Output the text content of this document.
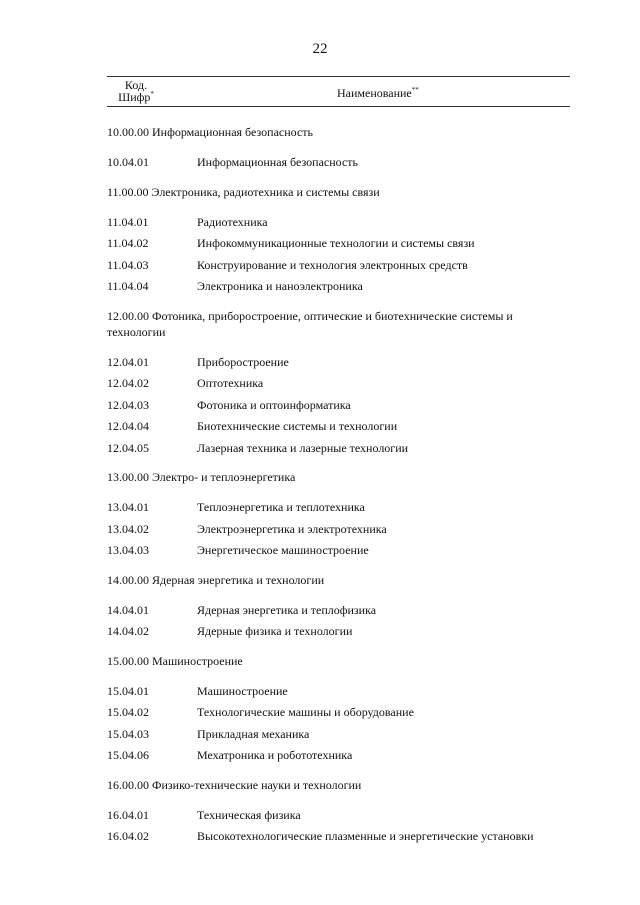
22
Код.
Шифр*	Наименование**
10.00.00 Информационная безопасность
10.04.01	Информационная безопасность
11.00.00 Электроника, радиотехника и системы связи
11.04.01	Радиотехника
11.04.02	Инфокоммуникационные технологии и системы связи
11.04.03	Конструирование и технология электронных средств
11.04.04	Электроника и наноэлектроника
12.00.00 Фотоника, приборостроение, оптические и биотехнические системы и технологии
12.04.01	Приборостроение
12.04.02	Оптотехника
12.04.03	Фотоника и оптоинформатика
12.04.04	Биотехнические системы и технологии
12.04.05	Лазерная техника и лазерные технологии
13.00.00 Электро- и теплоэнергетика
13.04.01	Теплоэнергетика и теплотехника
13.04.02	Электроэнергетика и электротехника
13.04.03	Энергетическое машиностроение
14.00.00 Ядерная энергетика и технологии
14.04.01	Ядерная энергетика и теплофизика
14.04.02	Ядерные физика и технологии
15.00.00 Машиностроение
15.04.01	Машиностроение
15.04.02	Технологические машины и оборудование
15.04.03	Прикладная механика
15.04.06	Мехатроника и робототехника
16.00.00 Физико-технические науки и технологии
16.04.01	Техническая физика
16.04.02	Высокотехнологические плазменные и энергетические установки
